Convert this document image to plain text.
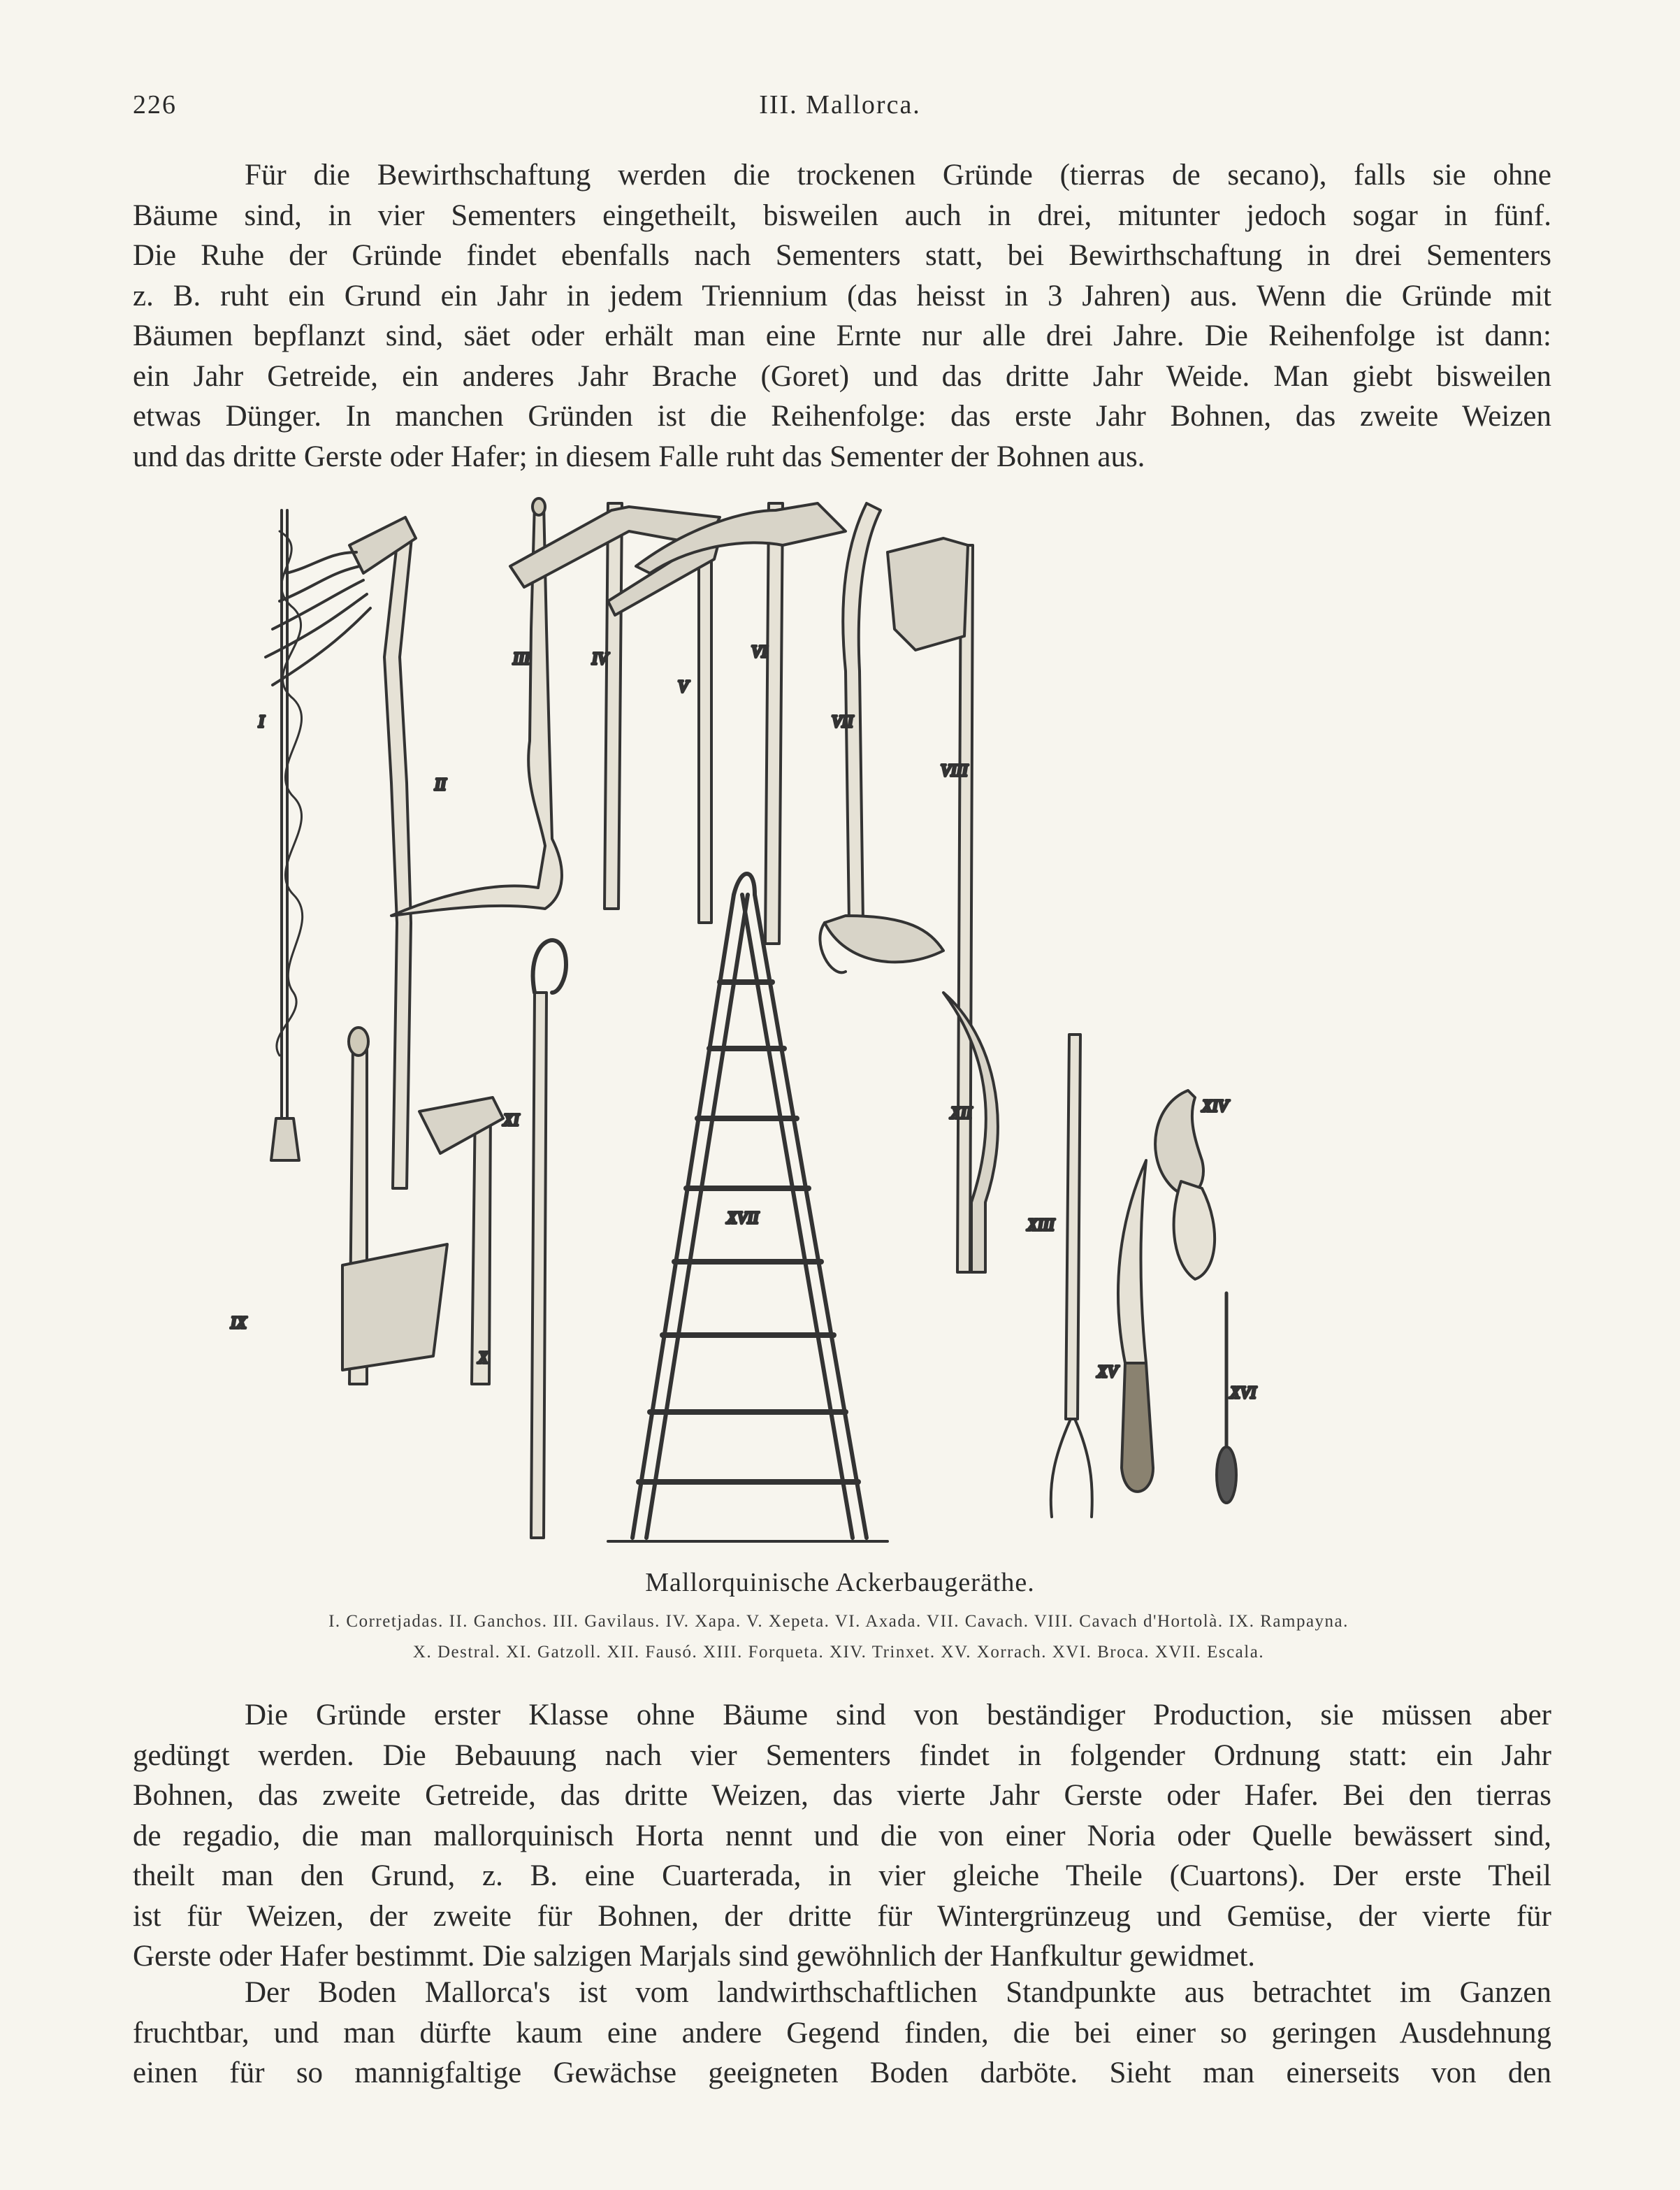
226	III. Mallorca.
Für die Bewirthschaftung werden die trockenen Gründe (tierras de secano), falls sie ohne
Bäume sind, in vier Sementers eingetheilt, bisweilen auch in drei, mitunter jedoch sogar in fünf.
Die Ruhe der Gründe findet ebenfalls nach Sementers statt, bei Bewirthschaftung in drei Sementers
z. B. ruht ein Grund ein Jahr in jedem Triennium (das heisst in 3 Jahren) aus. Wenn die Gründe mit
Bäumen bepflanzt sind, säet oder erhält man eine Ernte nur alle drei Jahre. Die Reihenfolge ist dann:
ein Jahr Getreide, ein anderes Jahr Brache (Goret) und das dritte Jahr Weide. Man giebt bisweilen
etwas Dünger. In manchen Gründen ist die Reihenfolge: das erste Jahr Bohnen, das zweite Weizen
und das dritte Gerste oder Hafer; in diesem Falle ruht das Sementer der Bohnen aus.
I
II
III	IV
V
VI
VII
VIII
IX
X
XI	XII
XIII
XIV
XV
XVI
XVII
Mallorquinische Ackerbaugeräthe.
I. Corretjadas. II. Ganchos. III. Gavilaus. IV. Xapa. V. Xepeta. VI. Axada. VII. Cavach. VIII. Cavach d'Hortolà. IX. Rampayna.
X. Destral. XI. Gatzoll. XII. Fausó. XIII. Forqueta. XIV. Trinxet. XV. Xorrach. XVI. Broca. XVII. Escala.
Die Gründe erster Klasse ohne Bäume sind von beständiger Production, sie müssen aber
gedüngt werden. Die Bebauung nach vier Sementers findet in folgender Ordnung statt: ein Jahr
Bohnen, das zweite Getreide, das dritte Weizen, das vierte Jahr Gerste oder Hafer. Bei den tierras
de regadio, die man mallorquinisch Horta nennt und die von einer Noria oder Quelle bewässert sind,
theilt man den Grund, z. B. eine Cuarterada, in vier gleiche Theile (Cuartons). Der erste Theil
ist für Weizen, der zweite für Bohnen, der dritte für Wintergrünzeug und Gemüse, der vierte für
Gerste oder Hafer bestimmt. Die salzigen Marjals sind gewöhnlich der Hanfkultur gewidmet.
Der Boden Mallorca's ist vom landwirthschaftlichen Standpunkte aus betrachtet im Ganzen
fruchtbar, und man dürfte kaum eine andere Gegend finden, die bei einer so geringen Ausdehnung
einen für so mannigfaltige Gewächse geeigneten Boden darböte. Sieht man einerseits von den
